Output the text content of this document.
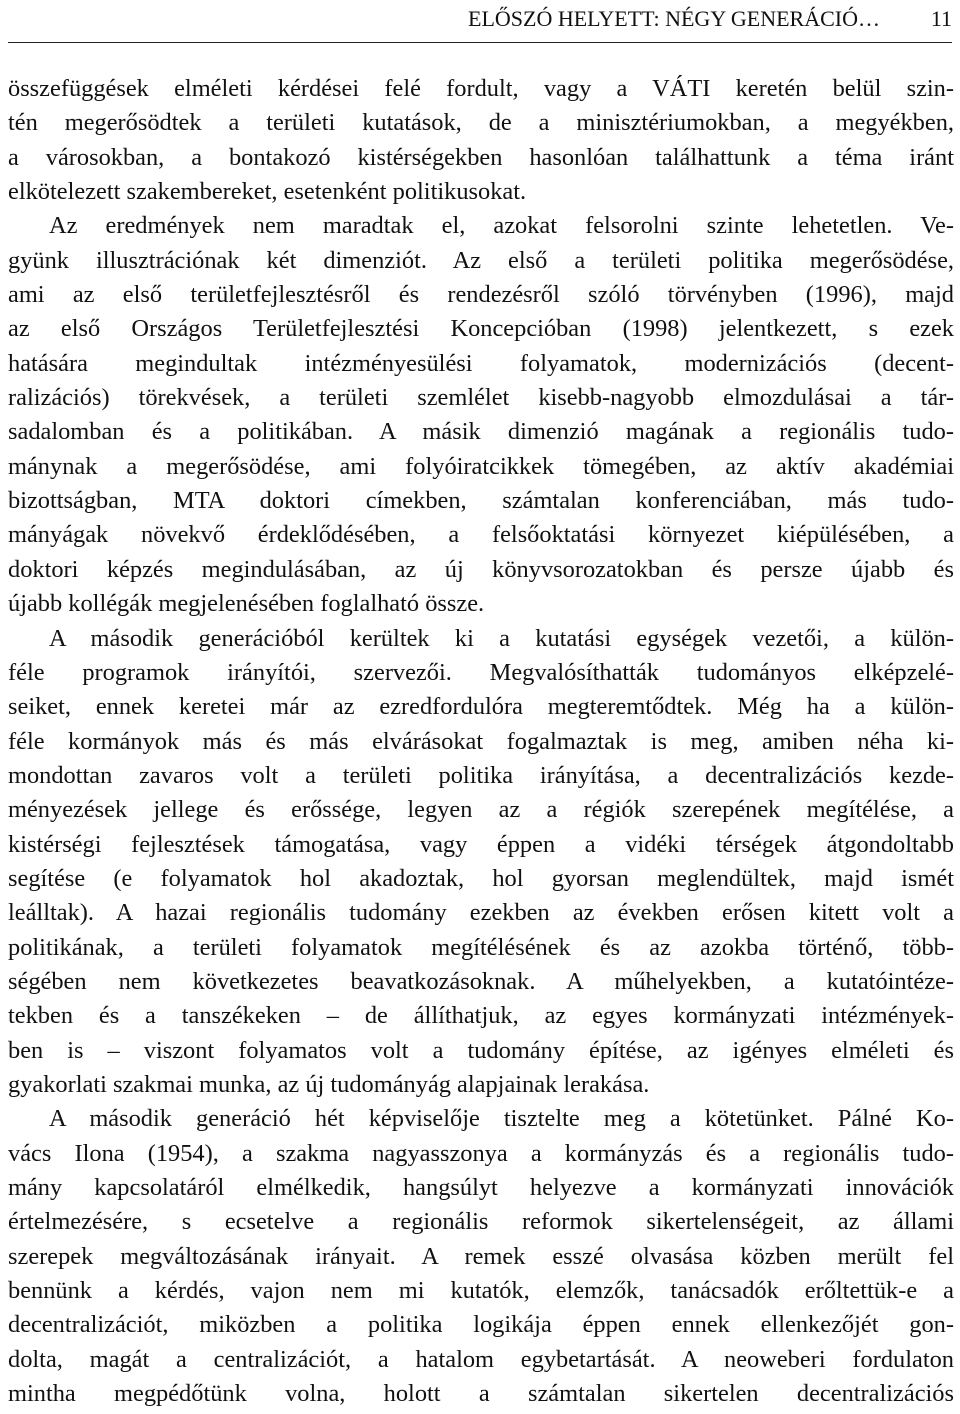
ELŐSZÓ HELYETT: NÉGY GENERÁCIÓ… 11
összefüggések elméleti kérdései felé fordult, vagy a VÁTI keretén belül szin-
tén megerősödtek a területi kutatások, de a minisztériumokban, a megyékben,
a városokban, a bontakozó kistérségekben hasonlóan találhattunk a téma iránt
elkötelezett szakembereket, esetenként politikusokat.
Az eredmények nem maradtak el, azokat felsorolni szinte lehetetlen. Ve-
gyünk illusztrációnak két dimenziót. Az első a területi politika megerősödése,
ami az első területfejlesztésről és rendezésről szóló törvényben (1996), majd
az első Országos Területfejlesztési Koncepcióban (1998) jelentkezett, s ezek
hatására megindultak intézményesülési folyamatok, modernizációs (decent-
ralizációs) törekvések, a területi szemlélet kisebb-nagyobb elmozdulásai a tár-
sadalomban és a politikában. A másik dimenzió magának a regionális tudo-
mánynak a megerősödése, ami folyóiratcikkek tömegében, az aktív akadémiai
bizottságban, MTA doktori címekben, számtalan konferenciában, más tudo-
mányágak növekvő érdeklődésében, a felsőoktatási környezet kiépülésében, a
doktori képzés megindulásában, az új könyvsorozatokban és persze újabb és
újabb kollégák megjelenésében foglalható össze.
A második generációból kerültek ki a kutatási egységek vezetői, a külön-
féle programok irányítói, szervezői. Megvalósíthatták tudományos elképzelé-
seiket, ennek keretei már az ezredfordulóra megteremtődtek. Még ha a külön-
féle kormányok más és más elvárásokat fogalmaztak is meg, amiben néha ki-
mondottan zavaros volt a területi politika irányítása, a decentralizációs kezde-
ményezések jellege és erőssége, legyen az a régiók szerepének megítélése, a
kistérségi fejlesztések támogatása, vagy éppen a vidéki térségek átgondoltabb
segítése (e folyamatok hol akadoztak, hol gyorsan meglendültek, majd ismét
leálltak). A hazai regionális tudomány ezekben az években erősen kitett volt a
politikának, a területi folyamatok megítélésének és az azokba történő, több-
ségében nem következetes beavatkozásoknak. A műhelyekben, a kutatóintéze-
tekben és a tanszékeken – de állíthatjuk, az egyes kormányzati intézmények-
ben is – viszont folyamatos volt a tudomány építése, az igényes elméleti és
gyakorlati szakmai munka, az új tudományág alapjainak lerakása.
A második generáció hét képviselője tisztelte meg a kötetünket. Pálné Ko-
vács Ilona (1954), a szakma nagyasszonya a kormányzás és a regionális tudo-
mány kapcsolatáról elmélkedik, hangsúlyt helyezve a kormányzati innovációk
értelmezésére, s ecsetelve a regionális reformok sikertelenségeit, az állami
szerepek megváltozásának irányait. A remek esszé olvasása közben merült fel
bennünk a kérdés, vajon nem mi kutatók, elemzők, tanácsadók erőltettük-e a
decentralizációt, miközben a politika logikája éppen ennek ellenkezőjét gon-
dolta, magát a centralizációt, a hatalom egybetartását. A neoweberi fordulaton
mintha megpédőtünk volna, holott a számtalan sikertelen decentralizációs
